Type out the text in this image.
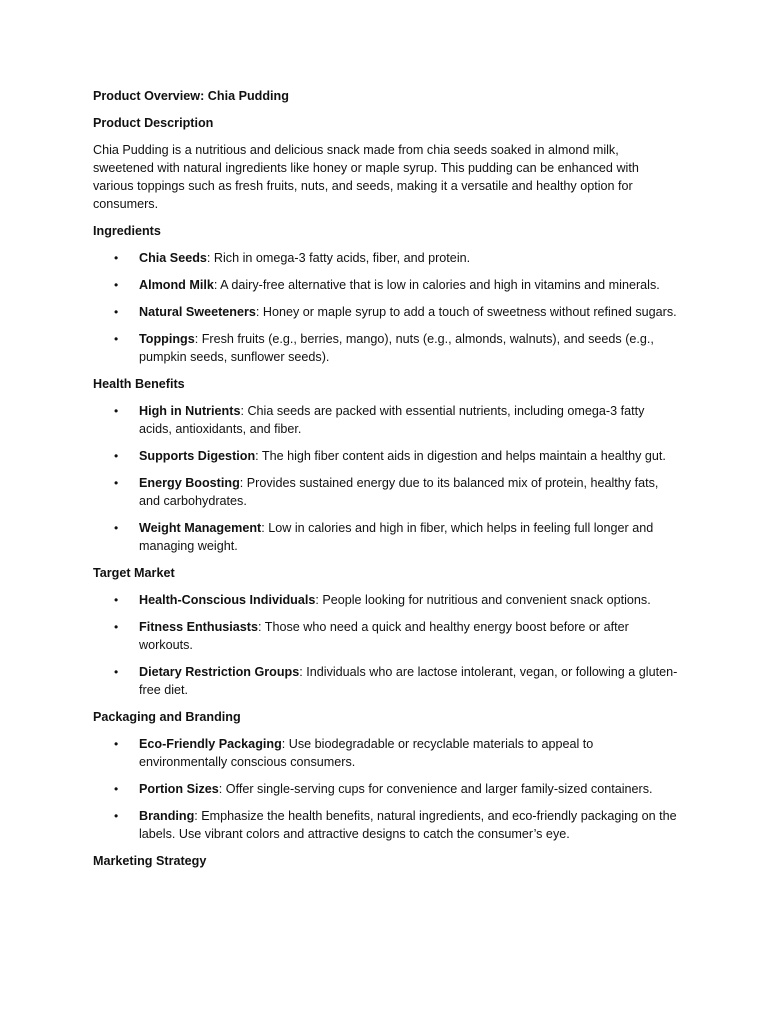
Product Overview: Chia Pudding

Product Description

Chia Pudding is a nutritious and delicious snack made from chia seeds soaked in almond milk, sweetened with natural ingredients like honey or maple syrup. This pudding can be enhanced with various toppings such as fresh fruits, nuts, and seeds, making it a versatile and healthy option for consumers.

Ingredients

• Chia Seeds: Rich in omega-3 fatty acids, fiber, and protein.
• Almond Milk: A dairy-free alternative that is low in calories and high in vitamins and minerals.
• Natural Sweeteners: Honey or maple syrup to add a touch of sweetness without refined sugars.
• Toppings: Fresh fruits (e.g., berries, mango), nuts (e.g., almonds, walnuts), and seeds (e.g., pumpkin seeds, sunflower seeds).

Health Benefits

• High in Nutrients: Chia seeds are packed with essential nutrients, including omega-3 fatty acids, antioxidants, and fiber.
• Supports Digestion: The high fiber content aids in digestion and helps maintain a healthy gut.
• Energy Boosting: Provides sustained energy due to its balanced mix of protein, healthy fats, and carbohydrates.
• Weight Management: Low in calories and high in fiber, which helps in feeling full longer and managing weight.

Target Market

• Health-Conscious Individuals: People looking for nutritious and convenient snack options.
• Fitness Enthusiasts: Those who need a quick and healthy energy boost before or after workouts.
• Dietary Restriction Groups: Individuals who are lactose intolerant, vegan, or following a gluten-free diet.

Packaging and Branding

• Eco-Friendly Packaging: Use biodegradable or recyclable materials to appeal to environmentally conscious consumers.
• Portion Sizes: Offer single-serving cups for convenience and larger family-sized containers.
• Branding: Emphasize the health benefits, natural ingredients, and eco-friendly packaging on the labels. Use vibrant colors and attractive designs to catch the consumer’s eye.

Marketing Strategy
